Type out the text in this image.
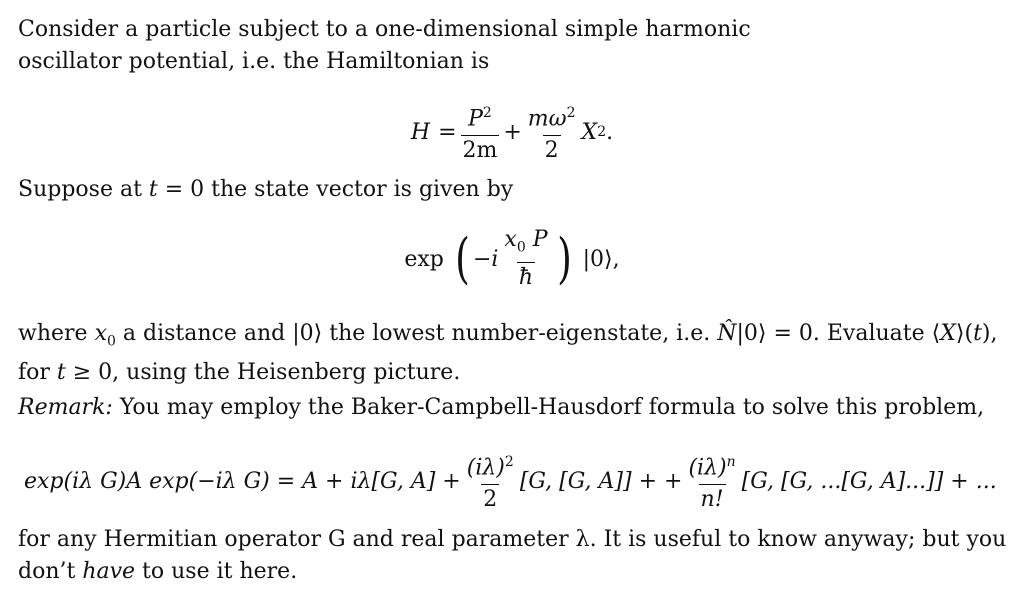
Consider a particle subject to a one-dimensional simple harmonic
oscillator potential, i.e. the Hamiltonian is

$H = \frac{P^2}{2m} + \frac{m\omega^2}{2}$ X 2 .

Suppose at t = 0 the state vector is given by

exp ( $-i \frac{x_0 P}{ħ}$ ) |0⟩,

where $x_0$ a distance and |0⟩ the lowest number-eigenstate, i.e. N̂|0⟩ = 0. Evaluate ⟨X⟩(t),
for t ≥ 0, using the Heisenberg picture.

Remark: You may employ the Baker-Campbell-Hausdorf formula to solve this problem,

exp(iλ G)A exp(−iλ G) = A + iλ[G, $A] + \frac{(i\lambda)^2}{2} [G$, [G, A]] + + $\frac{(i\lambda)^n}{n!} [G$, [G, ...[G, A]...]] + ...

for any Hermitian operator G and real parameter λ. It is useful to know anyway; but you
don’t have to use it here.
